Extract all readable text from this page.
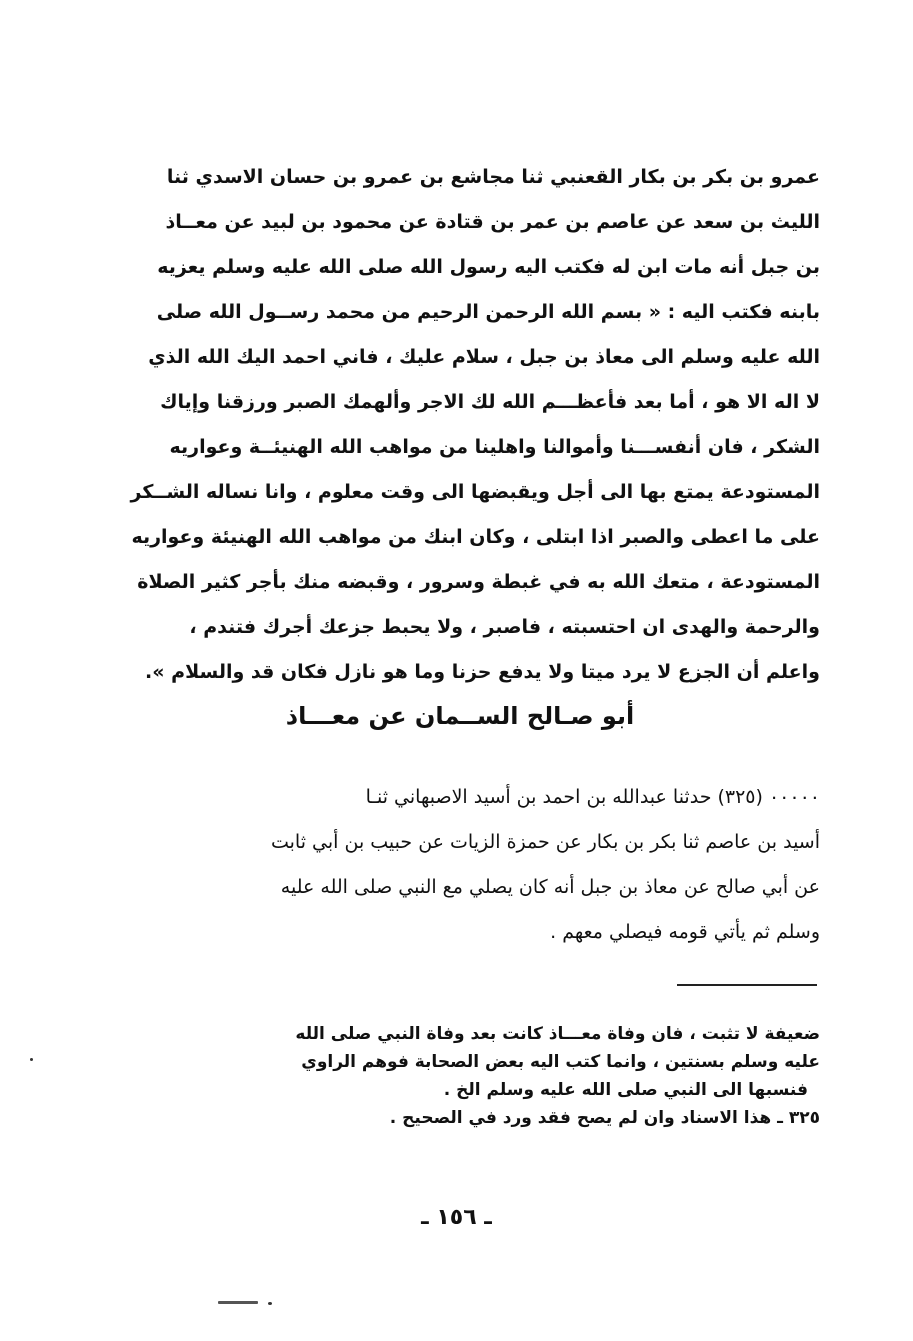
عمرو بن بكر بن بكار القعنبي ثنا مجاشع بن عمرو بن حسان الاسدي ثنا
الليث بن سعد عن عاصم بن عمر بن قتادة عن محمود بن لبيد عن معــاذ
بن جبل أنه مات ابن له فكتب اليه رسول الله صلى الله عليه وسلم يعزيه
بابنه فكتب اليه : « بسم الله الرحمن الرحيم من محمد رســول الله صلى
الله عليه وسلم الى معاذ بن جبل ، سلام عليك ، فاني احمد اليك الله الذي
لا اله الا هو ، أما بعد فأعظـــم الله لك الاجر وألهمك الصبر ورزقنا وإياك
الشكر ، فان أنفســـنا وأموالنا واهلينا من مواهب الله الهنيئــة وعواريه
المستودعة يمتع بها الى أجل ويقبضها الى وقت معلوم ، وانا نساله الشــكر
على ما اعطى والصبر اذا ابتلى ، وكان ابنك من مواهب الله الهنيئة وعواريه
المستودعة ، متعك الله به في غبطة وسرور ، وقبضه منك بأجر كثير الصلاة
والرحمة والهدى ان احتسبته ، فاصبر ، ولا يحبط جزعك أجرك فتندم ،
واعلم أن الجزع لا يرد ميتا ولا يدفع حزنا وما هو نازل فكان قد والسلام ».
أبو صـالح الســمان عن معـــاذ
٠٠٠٠٠ (٣٢٥) حدثنا عبدالله بن احمد بن أسيد الاصبهاني ثنـا
أسيد بن عاصم ثنا بكر بن بكار عن حمزة الزيات عن حبيب بن أبي ثابت
عن أبي صالح عن معاذ بن جبل أنه كان يصلي مع النبي صلى الله عليه
وسلم ثم يأتي قومه فيصلي معهم .
ضعيفة لا تثبت ، فان وفاة معـــاذ كانت بعد وفاة النبي صلى الله
عليه وسلم بسنتين ، وانما كتب اليه بعض الصحابة فوهم الراوي
فنسبها الى النبي صلى الله عليه وسلم الخ .
٣٢٥ ـ هذا الاسناد وان لم يصح فقد ورد في الصحيح .
ـ ١٥٦ ـ
